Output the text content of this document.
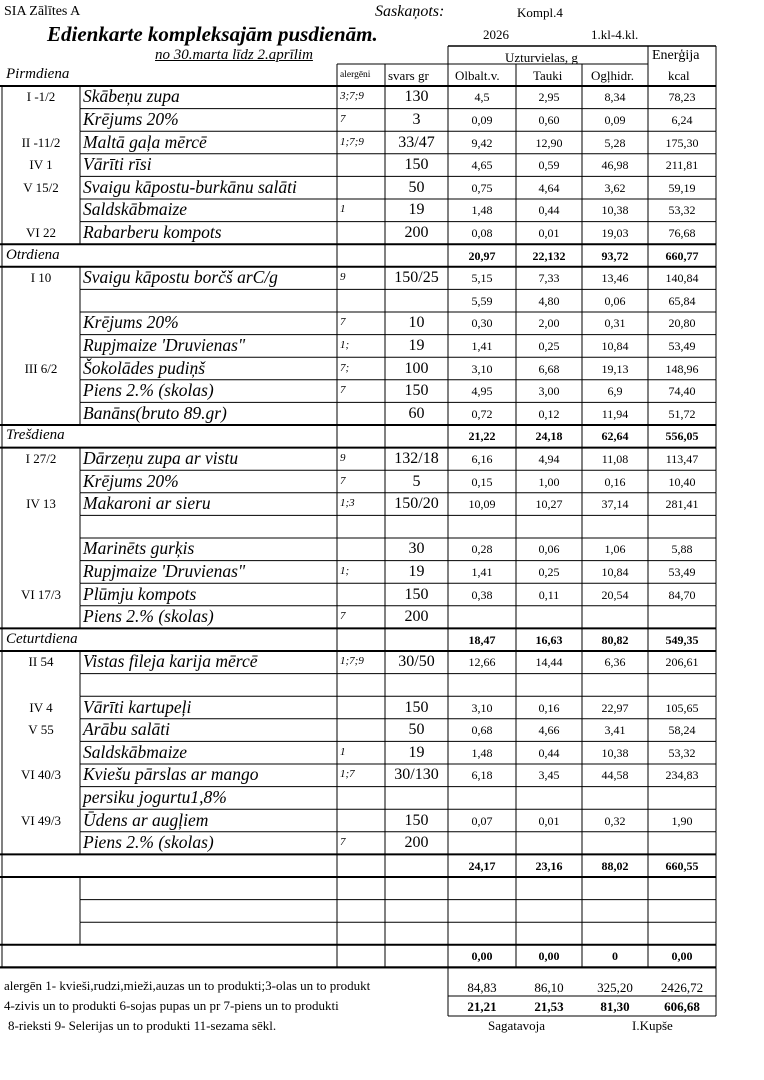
SIA Zālītes A	Saskaņots:	Kompl.4
Edienkarte kompleksajām pusdienām.	2026	1.kl-4.kl.
no 30.marta līdz 2.aprīlim
alergēni svars gr
Uzturvielas, g	Enerģija
Olbalt.v.	Tauki Ogļhidr.	kcal
Pirmdiena
I -1/2	Skābeņu zupa	3;7;9	130	4,5	2,95	8,34	78,23
Krējums 20%	7	3	0,09	0,60	0,09	6,24
II -11/2	Maltā gaļa mērcē	1;7;9	33/47	9,42	12,90	5,28	175,30
IV 1	Vārīti rīsi	150	4,65	0,59	46,98	211,81
V 15/2	Svaigu kāpostu-burkānu salāti	50	0,75	4,64	3,62	59,19
Saldskābmaize	1	19	1,48	0,44	10,38	53,32
VI 22	Rabarberu kompots	200	0,08	0,01	19,03	76,68
Otrdiena	20,97	22,132	93,72	660,77
I 10	Svaigu kāpostu borčš arC/g	9	150/25	5,15	7,33	13,46	140,84
5,59	4,80	0,06	65,84
Krējums 20%	7	10	0,30	2,00	0,31	20,80
Rupjmaize 'Druvienas"	1;	19	1,41	0,25	10,84	53,49
III 6/2	Šokolādes pudiņš	7;	100	3,10	6,68	19,13	148,96
Piens 2.% (skolas)	7	150	4,95	3,00	6,9	74,40
Banāns(bruto 89.gr)	60	0,72	0,12	11,94	51,72
Trešdiena	21,22	24,18	62,64	556,05
I 27/2	Dārzeņu zupa ar vistu	9	132/18	6,16	4,94	11,08	113,47
Krējums 20%	7	5	0,15	1,00	0,16	10,40
IV 13	Makaroni ar sieru	1;3	150/20	10,09	10,27	37,14	281,41
Marinēts gurķis	30	0,28	0,06	1,06	5,88
Rupjmaize 'Druvienas"	1;	19	1,41	0,25	10,84	53,49
VI 17/3	Plūmju kompots	150	0,38	0,11	20,54	84,70
Piens 2.% (skolas)	7	200
Ceturtdiena	18,47	16,63	80,82	549,35
II 54	Vistas fileja karija mērcē	1;7;9	30/50	12,66	14,44	6,36	206,61
IV 4	Vārīti kartupeļi	150	3,10	0,16	22,97	105,65
V 55	Arābu salāti	50	0,68	4,66	3,41	58,24
Saldskābmaize	1	19	1,48	0,44	10,38	53,32
VI 40/3	Kviešu pārslas ar mango	1;7	30/130	6,18	3,45	44,58	234,83
persiku jogurtu1,8%
VI 49/3	Ūdens ar augļiem	150	0,07	0,01	0,32	1,90
Piens 2.% (skolas)	7	200
24,17	23,16	88,02	660,55
0,00	0,00	0	0,00
alergēn 1- kvieši,rudzi,mieži,auzas un to produkti;3-olas un to produkt
4-zivis un to produkti 6-sojas pupas un pr 7-piens un to produkti
8-rieksti 9- Selerijas un to produkti 11-sezama sēkl.
84,83	86,10	325,20	2426,72
21,21	21,53	81,30	606,68
Sagatavoja	I.Kupše
